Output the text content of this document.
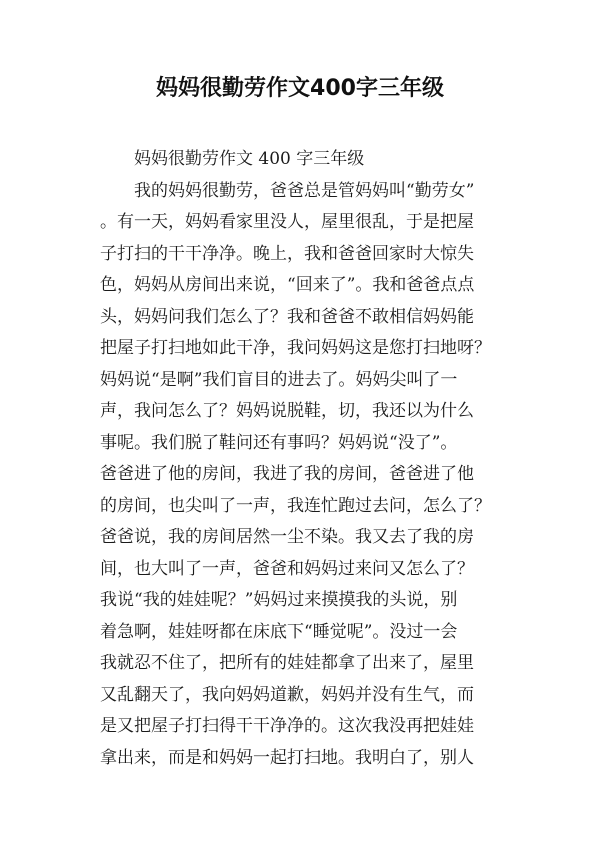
妈妈很勤劳作文400字三年级
妈妈很勤劳作文 400 字三年级
我的妈妈很勤劳，爸爸总是管妈妈叫“勤劳女”
。有一天，妈妈看家里没人，屋里很乱，于是把屋
子打扫的干干净净。晚上，我和爸爸回家时大惊失
色，妈妈从房间出来说，“回来了”。我和爸爸点点
头，妈妈问我们怎么了？我和爸爸不敢相信妈妈能
把屋子打扫地如此干净，我问妈妈这是您打扫地呀？
妈妈说“是啊”我们盲目的进去了。妈妈尖叫了一
声，我问怎么了？妈妈说脱鞋，切，我还以为什么
事呢。我们脱了鞋问还有事吗？妈妈说“没了”。
爸爸进了他的房间，我进了我的房间，爸爸进了他
的房间，也尖叫了一声，我连忙跑过去问，怎么了？
爸爸说，我的房间居然一尘不染。我又去了我的房
间，也大叫了一声，爸爸和妈妈过来问又怎么了？
我说“我的娃娃呢？”妈妈过来摸摸我的头说，别
着急啊，娃娃呀都在床底下“睡觉呢”。没过一会
我就忍不住了，把所有的娃娃都拿了出来了，屋里
又乱翻天了，我向妈妈道歉，妈妈并没有生气，而
是又把屋子打扫得干干净净的。这次我没再把娃娃
拿出来，而是和妈妈一起打扫地。我明白了，别人
